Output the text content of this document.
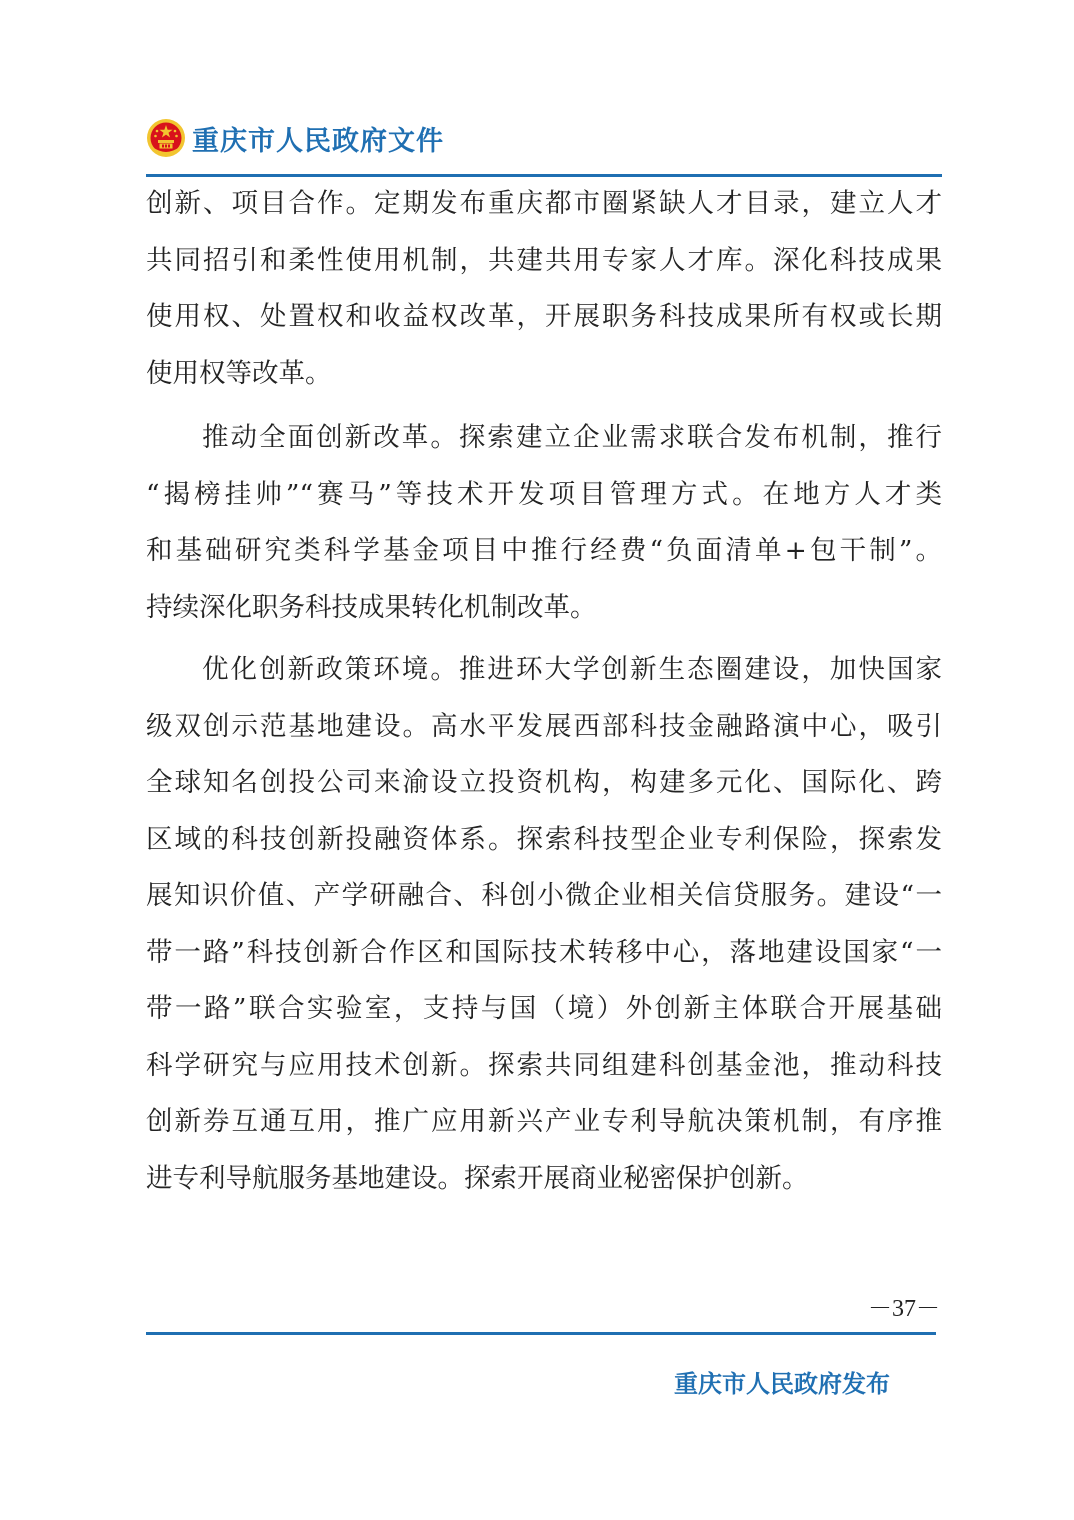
重庆市人民政府文件
创新、项目合作。定期发布重庆都市圈紧缺人才目录，建立人才
共同招引和柔性使用机制，共建共用专家人才库。深化科技成果
使用权、处置权和收益权改革，开展职务科技成果所有权或长期
使用权等改革。
推动全面创新改革。探索建立企业需求联合发布机制，推行
“揭榜挂帅”“赛马”等技术开发项目管理方式。在地方人才类
和基础研究类科学基金项目中推行经费“负面清单+包干制”。
持续深化职务科技成果转化机制改革。
优化创新政策环境。推进环大学创新生态圈建设，加快国家
级双创示范基地建设。高水平发展西部科技金融路演中心，吸引
全球知名创投公司来渝设立投资机构，构建多元化、国际化、跨
区域的科技创新投融资体系。探索科技型企业专利保险，探索发
展知识价值、产学研融合、科创小微企业相关信贷服务。建设“一
带一路”科技创新合作区和国际技术转移中心，落地建设国家“一
带一路”联合实验室，支持与国（境）外创新主体联合开展基础
科学研究与应用技术创新。探索共同组建科创基金池，推动科技
创新券互通互用，推广应用新兴产业专利导航决策机制，有序推
进专利导航服务基地建设。探索开展商业秘密保护创新。
－37－
重庆市人民政府发布
